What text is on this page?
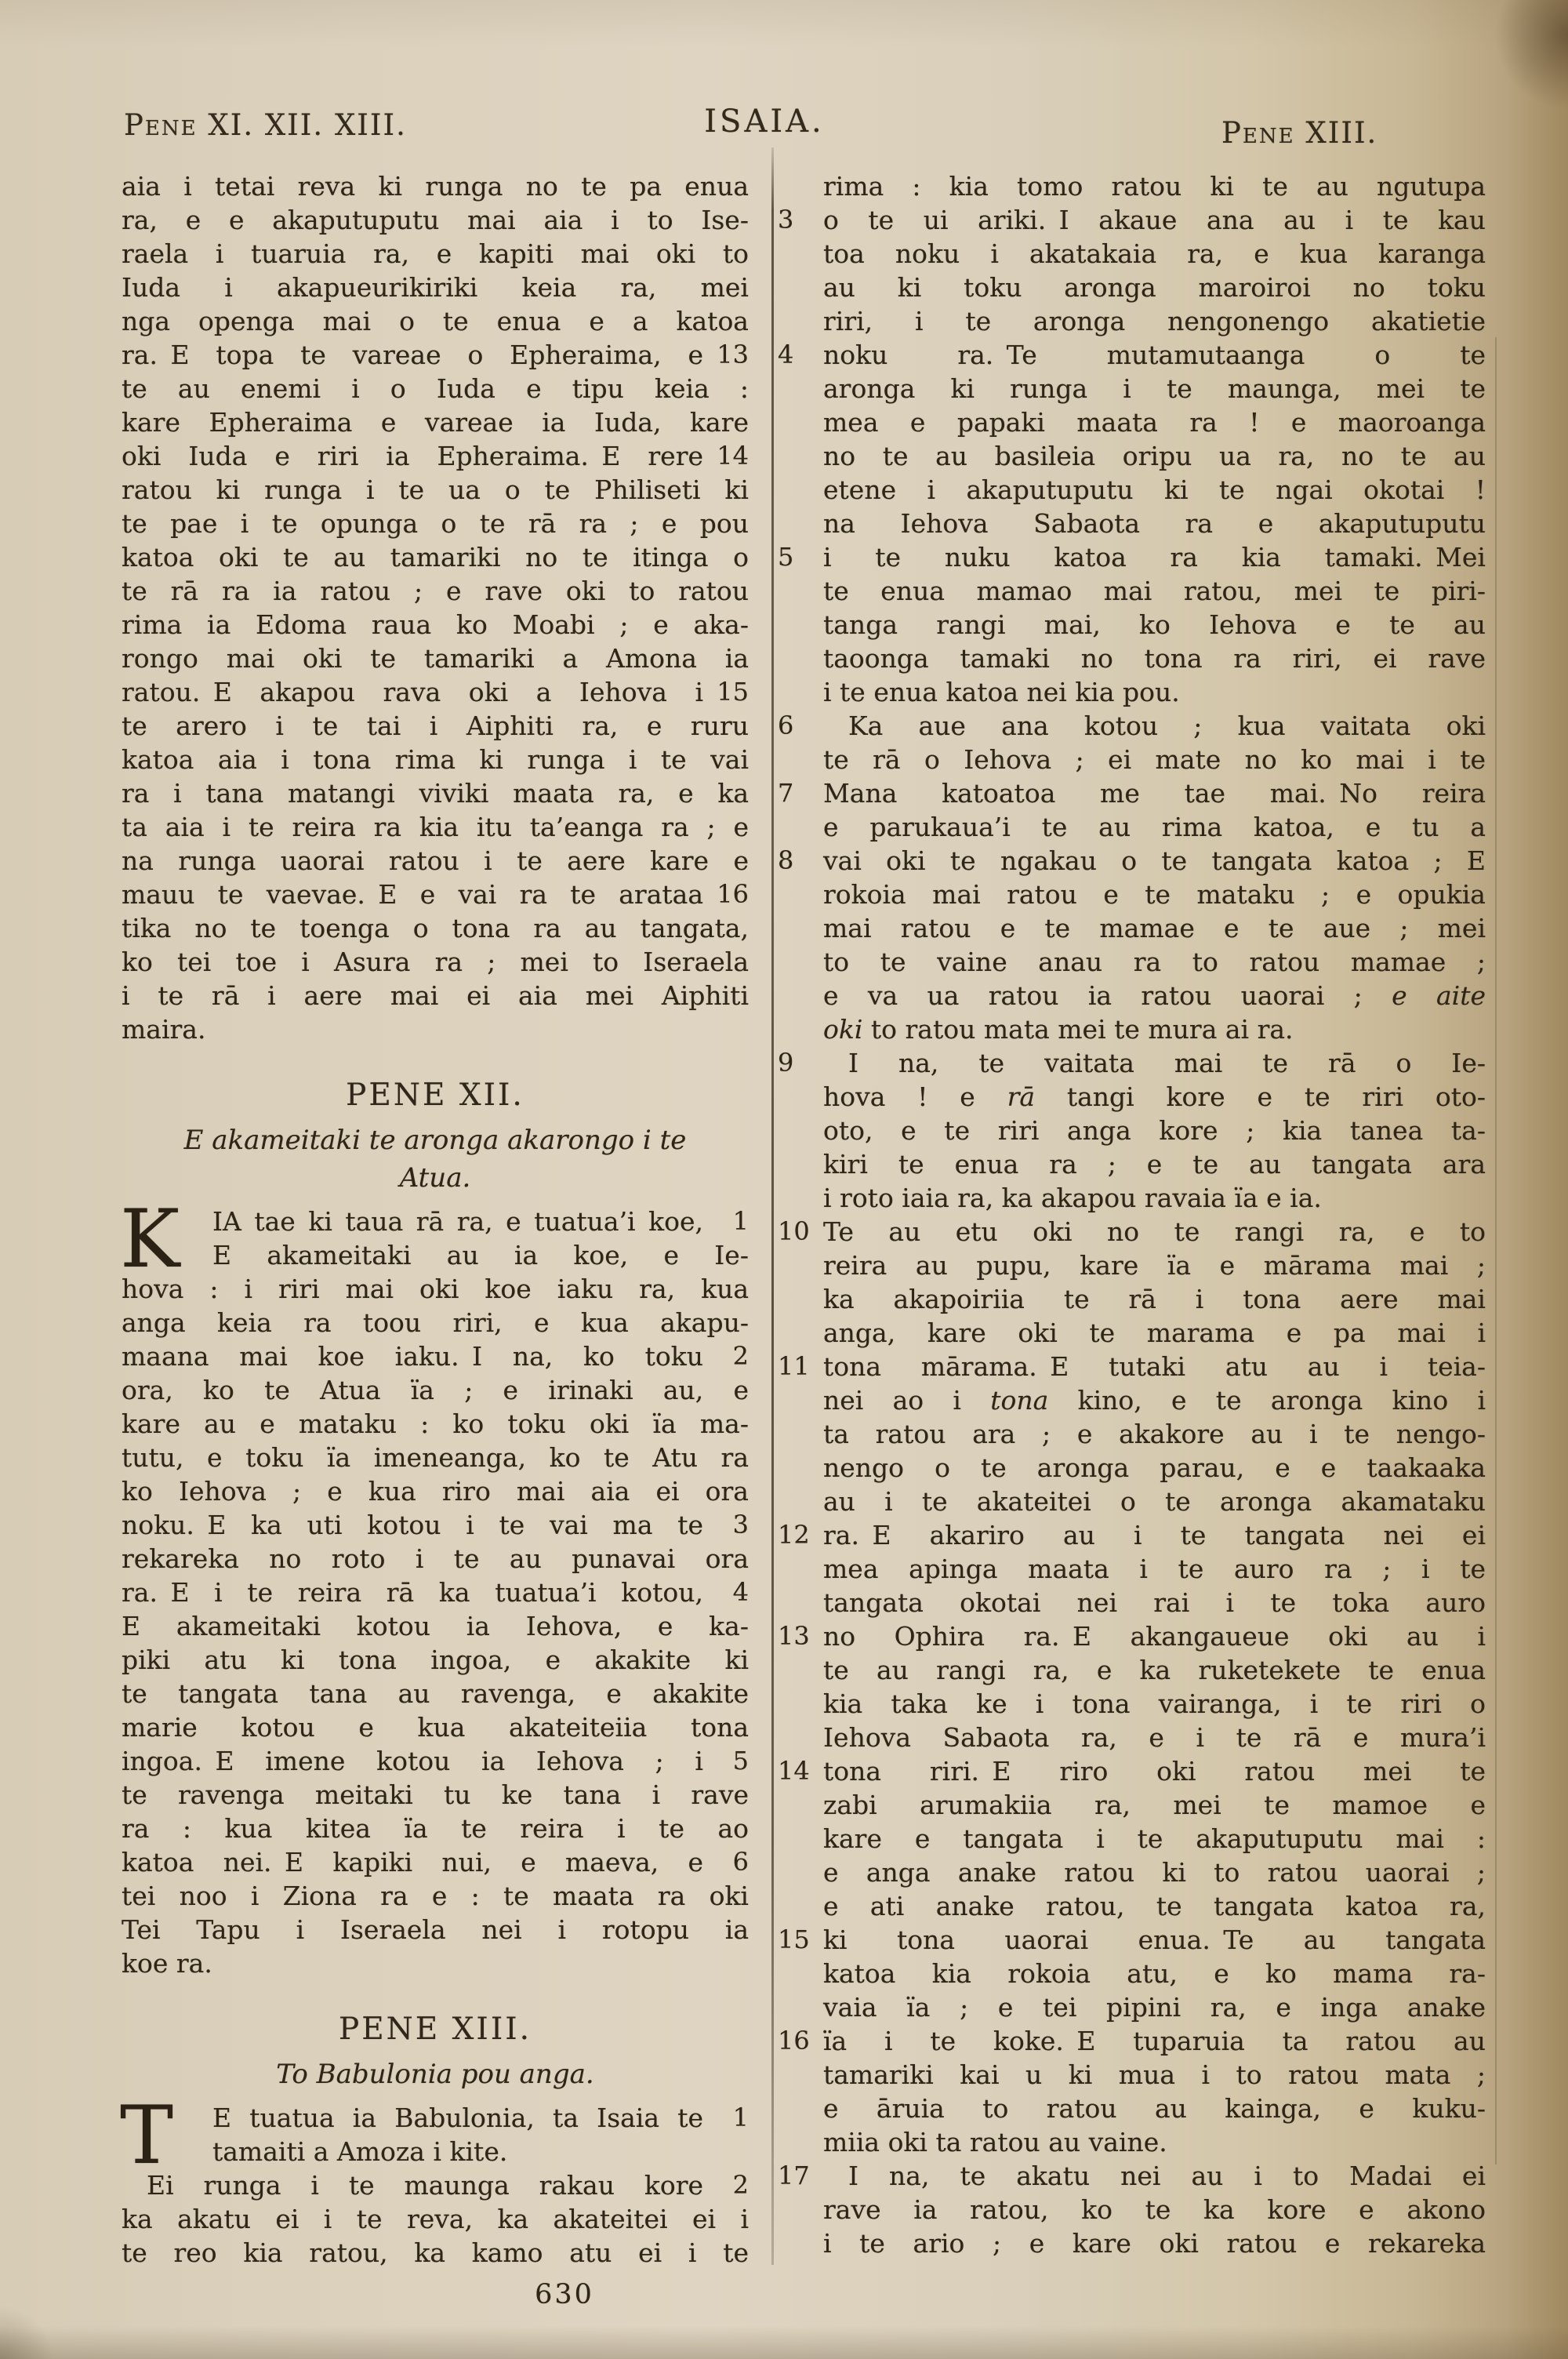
Pene XI. XII. XIII.	ISAIA.	Pene XIII.
aia i tetai reva ki runga no te pa enua
ra, e e akaputuputu mai aia i to Ise-
raela i tuaruia ra, e kapiti mai oki to
Iuda i akapueurikiriki keia ra, mei
nga openga mai o te enua e a katoa
ra. E topa te vareae o Epheraima, e 13
te au enemi i o Iuda e tipu keia :
kare Epheraima e vareae ia Iuda, kare
oki Iuda e riri ia Epheraima. E rere 14
ratou ki runga i te ua o te Philiseti ki
te pae i te opunga o te rā ra ; e pou
katoa oki te au tamariki no te itinga o
te rā ra ia ratou ; e rave oki to ratou
rima ia Edoma raua ko Moabi ; e aka-
rongo mai oki te tamariki a Amona ia
ratou. E akapou rava oki a Iehova i 15
te arero i te tai i Aiphiti ra, e ruru
katoa aia i tona rima ki runga i te vai
ra i tana matangi viviki maata ra, e ka
ta aia i te reira ra kia itu ta’eanga ra ; e
na runga uaorai ratou i te aere kare e
mauu te vaevae. E e vai ra te arataa 16
tika no te toenga o tona ra au tangata,
ko tei toe i Asura ra ; mei to Iseraela
i te rā i aere mai ei aia mei Aiphiti
maira.
PENE XII.
E akameitaki te aronga akarongo i te
Atua.
K	IA tae ki taua rā ra, e tuatua’i koe, 1
E akameitaki au ia koe, e Ie-
hova : i riri mai oki koe iaku ra, kua
anga keia ra toou riri, e kua akapu-
maana mai koe iaku. I na, ko toku 2
ora, ko te Atua ïa ; e irinaki au, e
kare au e mataku : ko toku oki ïa ma-
tutu, e toku ïa imeneanga, ko te Atu ra
ko Iehova ; e kua riro mai aia ei ora
noku. E ka uti kotou i te vai ma te 3
rekareka no roto i te au punavai ora
ra. E i te reira rā ka tuatua’i kotou, 4
E akameitaki kotou ia Iehova, e ka-
piki atu ki tona ingoa, e akakite ki
te tangata tana au ravenga, e akakite
marie kotou e kua akateiteiia tona
ingoa. E imene kotou ia Iehova ; i 5
te ravenga meitaki tu ke tana i rave
ra : kua kitea ïa te reira i te ao
katoa nei. E kapiki nui, e maeva, e 6
tei noo i Ziona ra e : te maata ra oki
Tei Tapu i Iseraela nei i rotopu ia
koe ra.
PENE XIII.
To Babulonia pou anga.
T	E tuatua ia Babulonia, ta Isaia te 1
tamaiti a Amoza i kite.
Ei runga i te maunga rakau kore 2
ka akatu ei i te reva, ka akateitei ei i
te reo kia ratou, ka kamo atu ei i te
rima : kia tomo ratou ki te au ngutupa
o te ui ariki. I akaue ana au i te kau
3
toa noku i akatakaia ra, e kua karanga
au ki toku aronga maroiroi no toku
riri, i te aronga nengonengo akatietie
noku ra. Te mutamutaanga o te
4
aronga ki runga i te maunga, mei te
mea e papaki maata ra ! e maoroanga
no te au basileia oripu ua ra, no te au
etene i akaputuputu ki te ngai okotai !
na Iehova Sabaota ra e akaputuputu
i te nuku katoa ra kia tamaki. Mei
5
te enua mamao mai ratou, mei te piri-
tanga rangi mai, ko Iehova e te au
taoonga tamaki no tona ra riri, ei rave
i te enua katoa nei kia pou.
Ka aue ana kotou ; kua vaitata oki
6
te rā o Iehova ; ei mate no ko mai i te
Mana katoatoa me tae mai. No reira
7
e parukaua’i te au rima katoa, e tu a
vai oki te ngakau o te tangata katoa ; E
8
rokoia mai ratou e te mataku ; e opukia
mai ratou e te mamae e te aue ; mei
to te vaine anau ra to ratou mamae ;
e va ua ratou ia ratou uaorai ; e aite
oki to ratou mata mei te mura ai ra.
I na, te vaitata mai te rā o Ie-
9
hova ! e rā tangi kore e te riri oto-
oto, e te riri anga kore ; kia tanea ta-
kiri te enua ra ; e te au tangata ara
i roto iaia ra, ka akapou ravaia ïa e ia.
Te au etu oki no te rangi ra, e to
10
reira au pupu, kare ïa e mārama mai ;
ka akapoiriia te rā i tona aere mai
anga, kare oki te marama e pa mai i
tona mārama. E tutaki atu au i teia-
11
nei ao i tona kino, e te aronga kino i
ta ratou ara ; e akakore au i te nengo-
nengo o te aronga parau, e e taakaaka
au i te akateitei o te aronga akamataku
ra. E akariro au i te tangata nei ei
12
mea apinga maata i te auro ra ; i te
tangata okotai nei rai i te toka auro
no Ophira ra. E akangaueue oki au i
13
te au rangi ra, e ka ruketekete te enua
kia taka ke i tona vairanga, i te riri o
Iehova Sabaota ra, e i te rā e mura’i
tona riri. E riro oki ratou mei te
14
zabi arumakiia ra, mei te mamoe e
kare e tangata i te akaputuputu mai :
e anga anake ratou ki to ratou uaorai ;
e ati anake ratou, te tangata katoa ra,
ki tona uaorai enua. Te au tangata
15
katoa kia rokoia atu, e ko mama ra-
vaia ïa ; e tei pipini ra, e inga anake
ïa i te koke. E tuparuia ta ratou au
16
tamariki kai u ki mua i to ratou mata ;
e āruia to ratou au kainga, e kuku-
miia oki ta ratou au vaine.
I na, te akatu nei au i to Madai ei
17
rave ia ratou, ko te ka kore e akono
i te ario ; e kare oki ratou e rekareka
630
